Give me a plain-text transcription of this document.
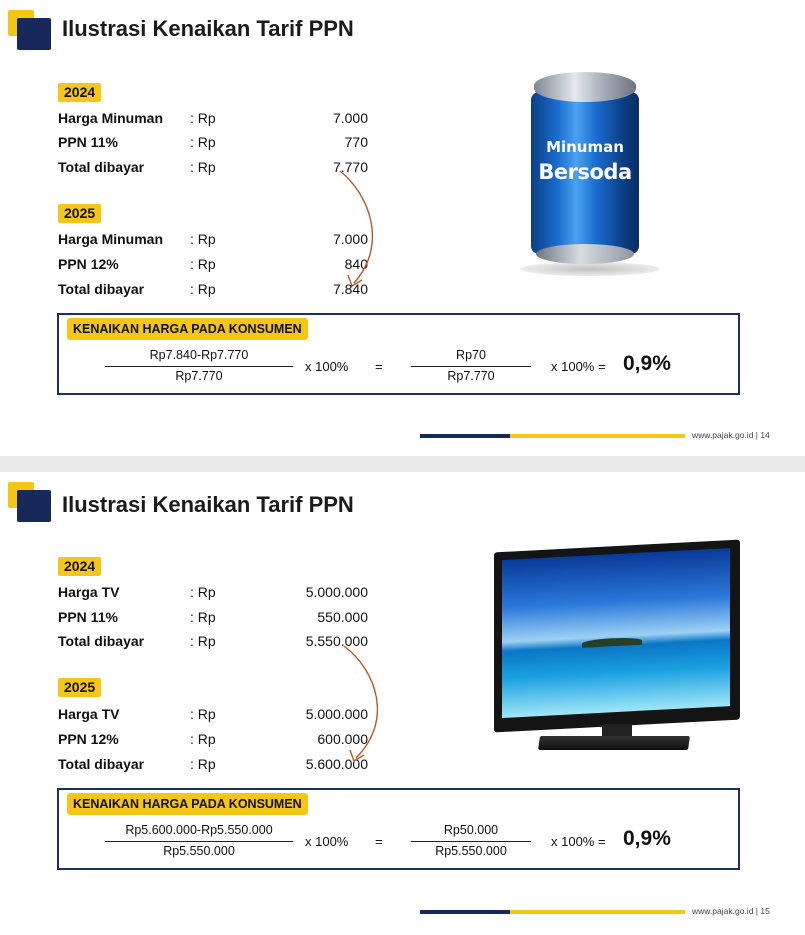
Ilustrasi Kenaikan Tarif PPN
2024
Harga Minuman : Rp	7.000
PPN 11%	: Rp	770
Total dibayar	: Rp	7.770
2025
Harga Minuman : Rp	7.000
PPN 12%	: Rp	840
Total dibayar	: Rp	7.840
Minuman
Bersoda
KENAIKAN HARGA PADA KONSUMEN
Rp7.840-Rp7.770
Rp7.770
x 100% =
Rp70
Rp7.770
x 100% = 0,9%
www.pajak.go.id | 14
Ilustrasi Kenaikan Tarif PPN
2024
Harga TV	: Rp	5.000.000
PPN 11%	: Rp	550.000
Total dibayar	: Rp	5.550.000
2025
Harga TV	: Rp	5.000.000
PPN 12%	: Rp	600.000
Total dibayar	: Rp	5.600.000
KENAIKAN HARGA PADA KONSUMEN
Rp5.600.000-Rp5.550.000
Rp5.550.000
x 100% =
Rp50.000
Rp5.550.000
x 100% = 0,9%
www.pajak.go.id | 15
